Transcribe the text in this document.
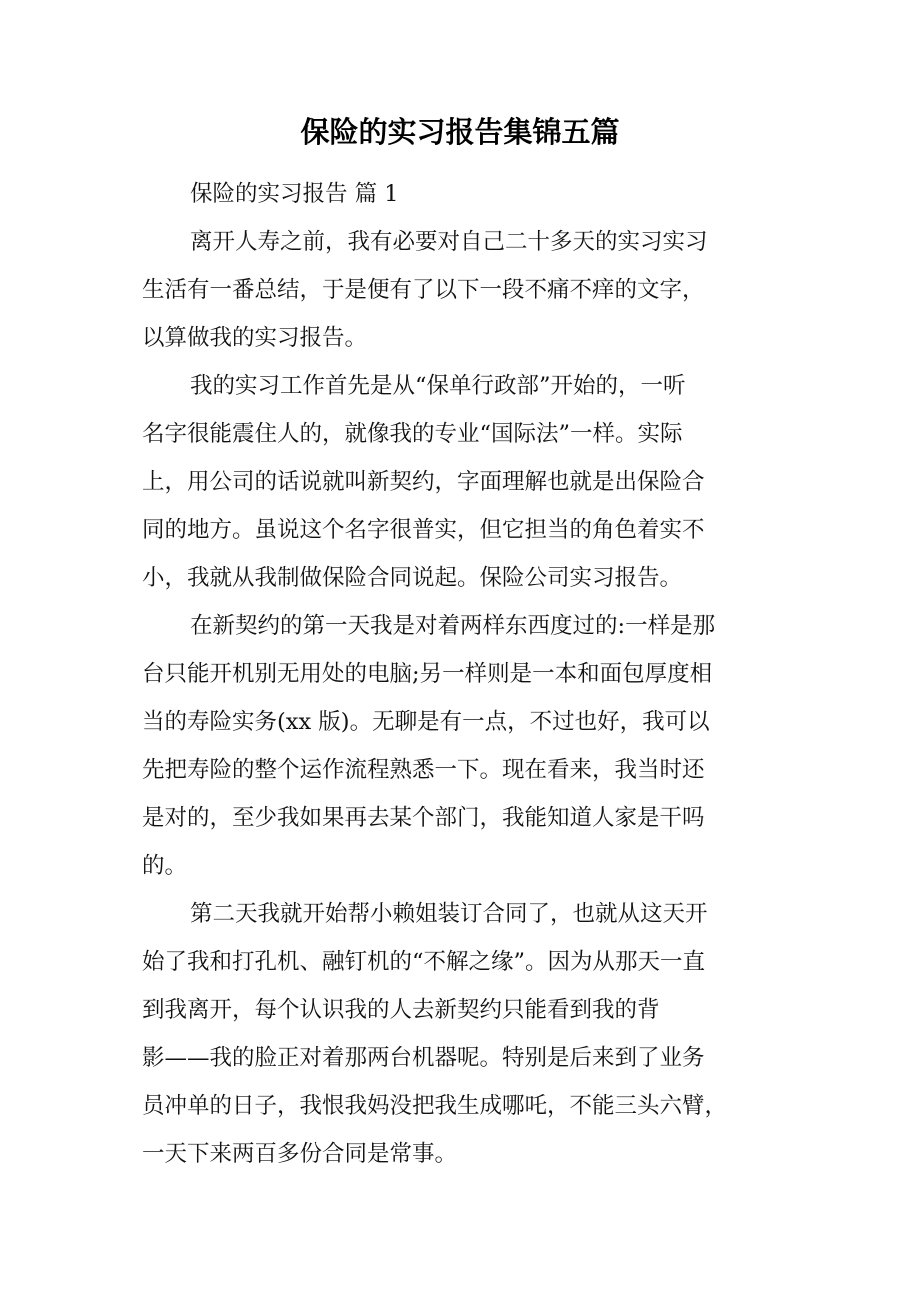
保险的实习报告集锦五篇

保险的实习报告 篇 1

离开人寿之前，我有必要对自己二十多天的实习实习

生活有一番总结，于是便有了以下一段不痛不痒的文字，

以算做我的实习报告。

我的实习工作首先是从“保单行政部”开始的，一听

名字很能震住人的，就像我的专业“国际法”一样。实际

上，用公司的话说就叫新契约，字面理解也就是出保险合

同的地方。虽说这个名字很普实，但它担当的角色着实不

小，我就从我制做保险合同说起。保险公司实习报告。

在新契约的第一天我是对着两样东西度过的:一样是那

台只能开机别无用处的电脑;另一样则是一本和面包厚度相

当的寿险实务(xx 版)。无聊是有一点，不过也好，我可以

先把寿险的整个运作流程熟悉一下。现在看来，我当时还

是对的，至少我如果再去某个部门，我能知道人家是干吗

的。

第二天我就开始帮小赖姐装订合同了，也就从这天开

始了我和打孔机、融钉机的“不解之缘”。因为从那天一直

到我离开，每个认识我的人去新契约只能看到我的背

影——我的脸正对着那两台机器呢。特别是后来到了业务

员冲单的日子，我恨我妈没把我生成哪吒，不能三头六臂，

一天下来两百多份合同是常事。
